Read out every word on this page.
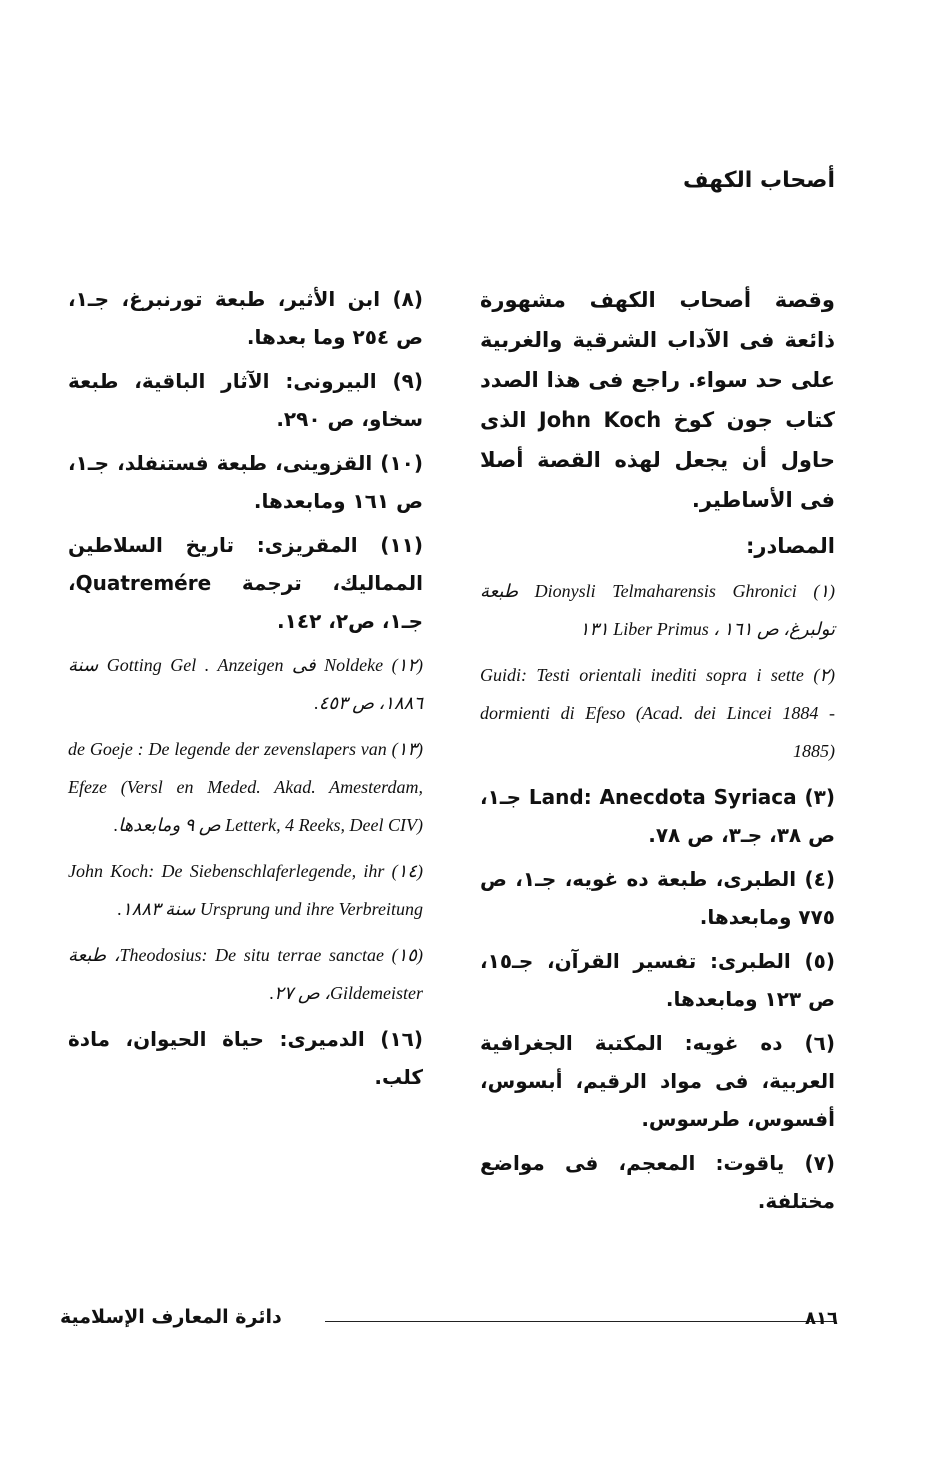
أصحاب الكهف

وقصة أصحاب الكهف مشهورة ذائعة فى الآداب الشرقية والغربية على حد سواء. راجع فى هذا الصدد كتاب جون كوخ John Koch الذى حاول أن يجعل لهذه القصة أصلا فى الأساطير.

المصادر:
(١) Dionysli Telmaharensis Ghronici طبعة تولبرغ، ص ١٦١ ، Liber Primus ١٣١
(٢) Guidi: Testi orientali inediti sopra i sette dormienti di Efeso (Acad. dei Lincei 1884 - 1885)
(٣) Land: Anecdota Syriaca جـ١، ص ٣٨، جـ٣، ص ٧٨.
(٤) الطبرى، طبعة ده غويه، جـ١، ص ٧٧٥ ومابعدها.
(٥) الطبرى: تفسير القرآن، جـ١٥، ص ١٢٣ ومابعدها.
(٦) ده غويه: المكتبة الجغرافية العربية، فى مواد الرقيم، أبسوس، أفسوس، طرسوس.
(٧) ياقوت: المعجم، فى مواضع مختلفة.
(٨) ابن الأثير، طبعة تورنبرغ، جـ١، ص ٢٥٤ وما بعدها.
(٩) البيرونى: الآثار الباقية، طبعة سخاو، ص ٢٩٠.
(١٠) القزوينى، طبعة فستنفلد، جـ١، ص ١٦١ ومابعدها.
(١١) المقريزى: تاريخ السلاطين المماليك، ترجمة Quatremére، جـ١، ص٢، ١٤٢.
(١٢) Noldeke فى Gotting Gel . Anzeigen سنة ١٨٨٦، ص ٤٥٣.
(١٣) de Goeje : De legende der zevenslapers van Efeze (Versl en Meded. Akad. Amesterdam, Letterk, 4 Reeks, Deel CIV) ص ٩ ومابعدها.
(١٤) John Koch: De Siebenschlaferlegende, ihr Ursprung und ihre Verbreitung سنة ١٨٨٣.
(١٥) Theodosius: De situ terrae sanctae، طبعة Gildemeister، ص ٢٧.
(١٦) الدميرى: حياة الحيوان، مادة كلب.
دائرة المعارف الإسلامية	٨١٦
